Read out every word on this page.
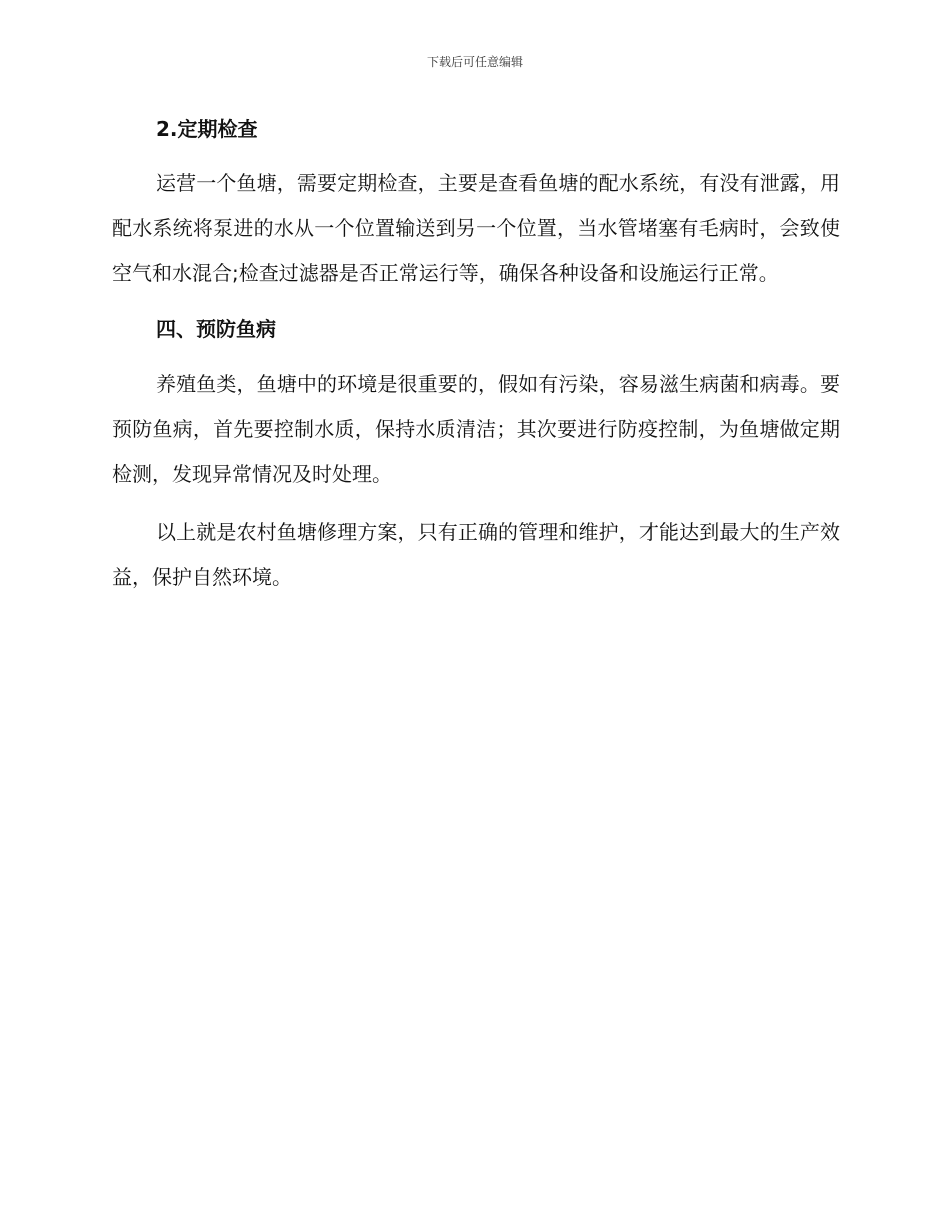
下载后可任意编辑
2.定期检查

运营一个鱼塘，需要定期检查，主要是查看鱼塘的配水系统，有没有泄露，用配水系统将泵进的水从一个位置输送到另一个位置，当水管堵塞有毛病时，会致使空气和水混合;检查过滤器是否正常运行等，确保各种设备和设施运行正常。

四、预防鱼病

养殖鱼类，鱼塘中的环境是很重要的，假如有污染，容易滋生病菌和病毒。要预防鱼病，首先要控制水质，保持水质清洁；其次要进行防疫控制，为鱼塘做定期检测，发现异常情况及时处理。

以上就是农村鱼塘修理方案，只有正确的管理和维护，才能达到最大的生产效益，保护自然环境。
